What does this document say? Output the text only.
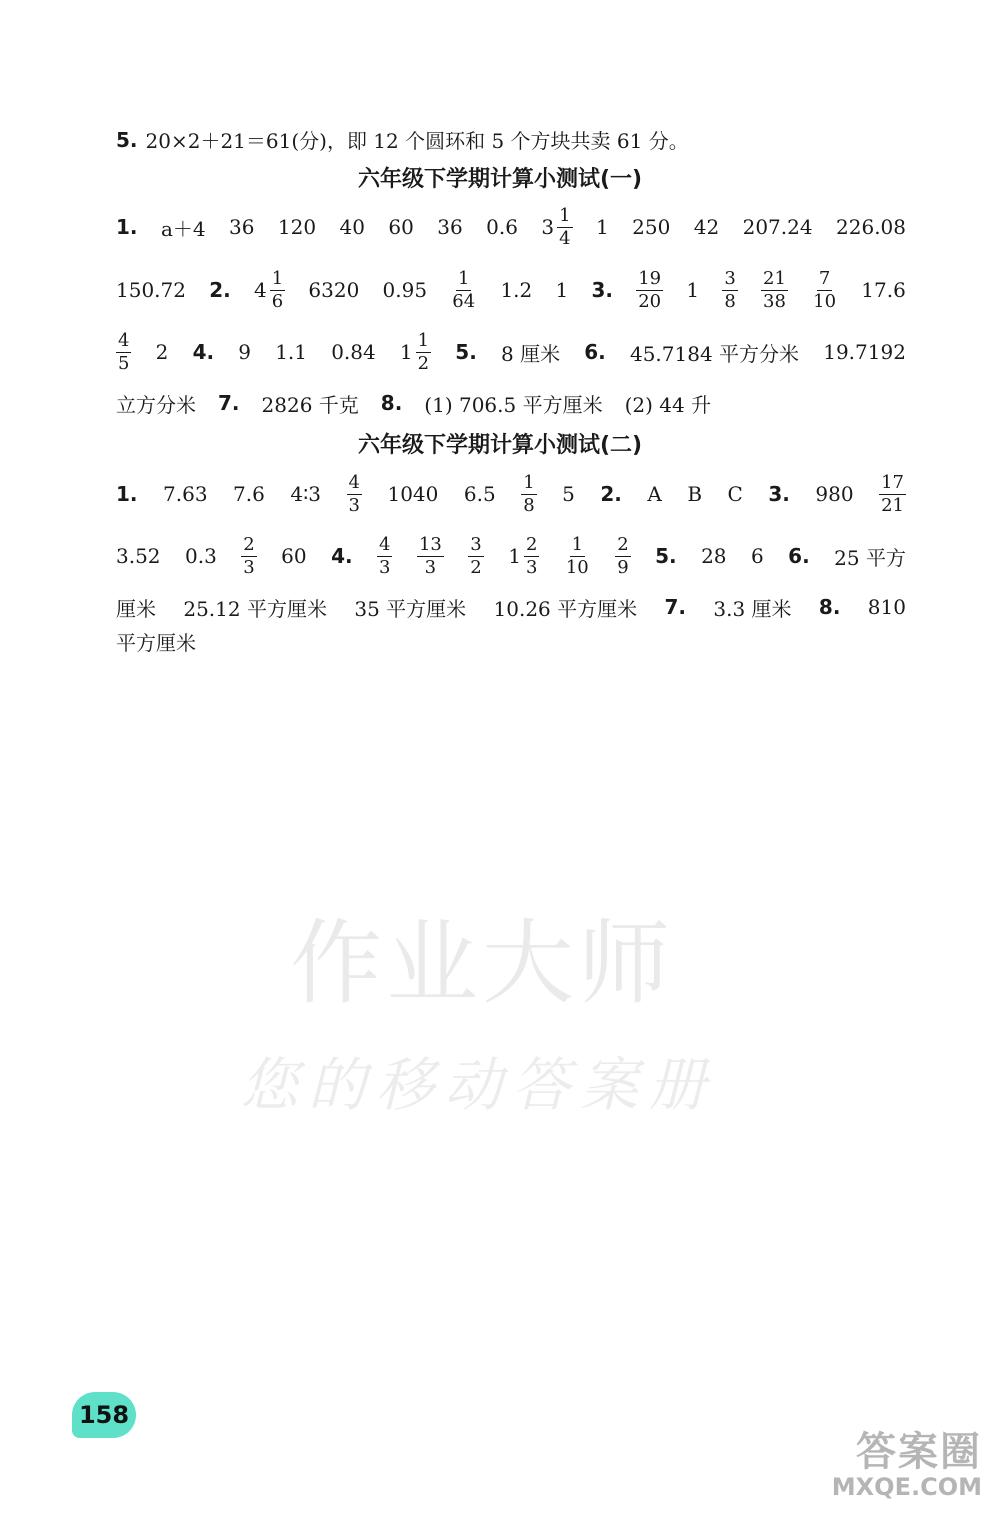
5. 20×2＋21＝61(分)，即 12 个圆环和 5 个方块共卖 61 分。
六年级下学期计算小测试(一)
1. a＋4 36 120 40 60 36 0.6 $3 \frac{1}{4} 1$ 250 42 207.24 226.08
150.72 2. $4 \frac{1}{6} 6320$ $0.95 \frac{1}{64} 1.2$ 1 3. $\frac{19}{20} 1 \frac{3}{8} \frac{21}{38} \frac{7}{10} 17.6$
$\frac{4}{5} 2$ 4. 9 1.1 0.84 $1 \frac{1}{2} 5$. 8 厘米 6. 45.7184 平方分米 19.7192
立方分米 7. 2826 千克 8. (1) 706.5 平方厘米 (2) 44 升
六年级下学期计算小测试(二)
1. 7.63 7.6 4∶3 $\frac{4}{3} 1040$ $6.5 \frac{1}{8} 5$ 2. A B C 3. $980 \frac{17}{21}$
3.52 $0.3 \frac{2}{3} 60$ 4. $\frac{4}{3} \frac{13}{3} \frac{3}{2} 1 \frac{2}{3} \frac{1}{10} \frac{2}{9} 5$. 28 6 6. 25 平方
厘米 25.12 平方厘米 35 平方厘米 10.26 平方厘米 7. 3.3 厘米 8. 810
平方厘米
作业大师
您的移动答案册
158
答案圈
MXQE.COM
